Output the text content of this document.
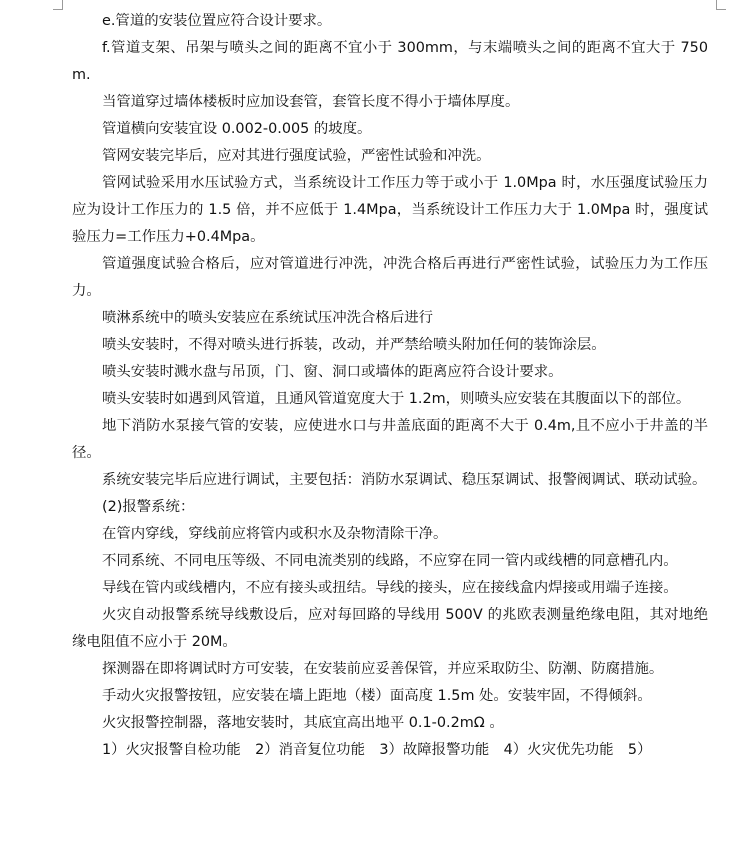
e.管道的安装位置应符合设计要求。

f.管道支架、吊架与喷头之间的距离不宜小于 300mm，与末端喷头之间的距离不宜大于 750m.

当管道穿过墙体楼板时应加设套管，套管长度不得小于墙体厚度。

管道横向安装宜设 0.002-0.005 的坡度。

管网安装完毕后，应对其进行强度试验，严密性试验和冲洗。

管网试验采用水压试验方式，当系统设计工作压力等于或小于 1.0Mpa 时，水压强度试验压力应为设计工作压力的 1.5 倍，并不应低于 1.4Mpa，当系统设计工作压力大于 1.0Mpa 时，强度试验压力=工作压力+0.4Mpa。

管道强度试验合格后，应对管道进行冲洗，冲洗合格后再进行严密性试验，试验压力为工作压力。

喷淋系统中的喷头安装应在系统试压冲洗合格后进行

喷头安装时，不得对喷头进行拆装，改动，并严禁给喷头附加任何的装饰涂层。

喷头安装时溅水盘与吊顶，门、窗、洞口或墙体的距离应符合设计要求。

喷头安装时如遇到风管道，且通风管道宽度大于 1.2m，则喷头应安装在其腹面以下的部位。

地下消防水泵接气管的安装，应使进水口与井盖底面的距离不大于 0.4m,且不应小于井盖的半径。

系统安装完毕后应进行调试，主要包括：消防水泵调试、稳压泵调试、报警阀调试、联动试验。

(2)报警系统：

在管内穿线，穿线前应将管内或积水及杂物清除干净。

不同系统、不同电压等级、不同电流类别的线路，不应穿在同一管内或线槽的同意槽孔内。

导线在管内或线槽内，不应有接头或扭结。导线的接头，应在接线盒内焊接或用端子连接。

火灾自动报警系统导线敷设后，应对每回路的导线用 500V 的兆欧表测量绝缘电阻，其对地绝缘电阻值不应小于 20M。

探测器在即将调试时方可安装，在安装前应妥善保管，并应采取防尘、防潮、防腐措施。

手动火灾报警按钮，应安装在墙上距地（楼）面高度 1.5m 处。安装牢固，不得倾斜。

火灾报警控制器，落地安装时，其底宜高出地平 0.1-0.2mΩ 。

1）火灾报警自检功能　2）消音复位功能　3）故障报警功能　4）火灾优先功能　5）
